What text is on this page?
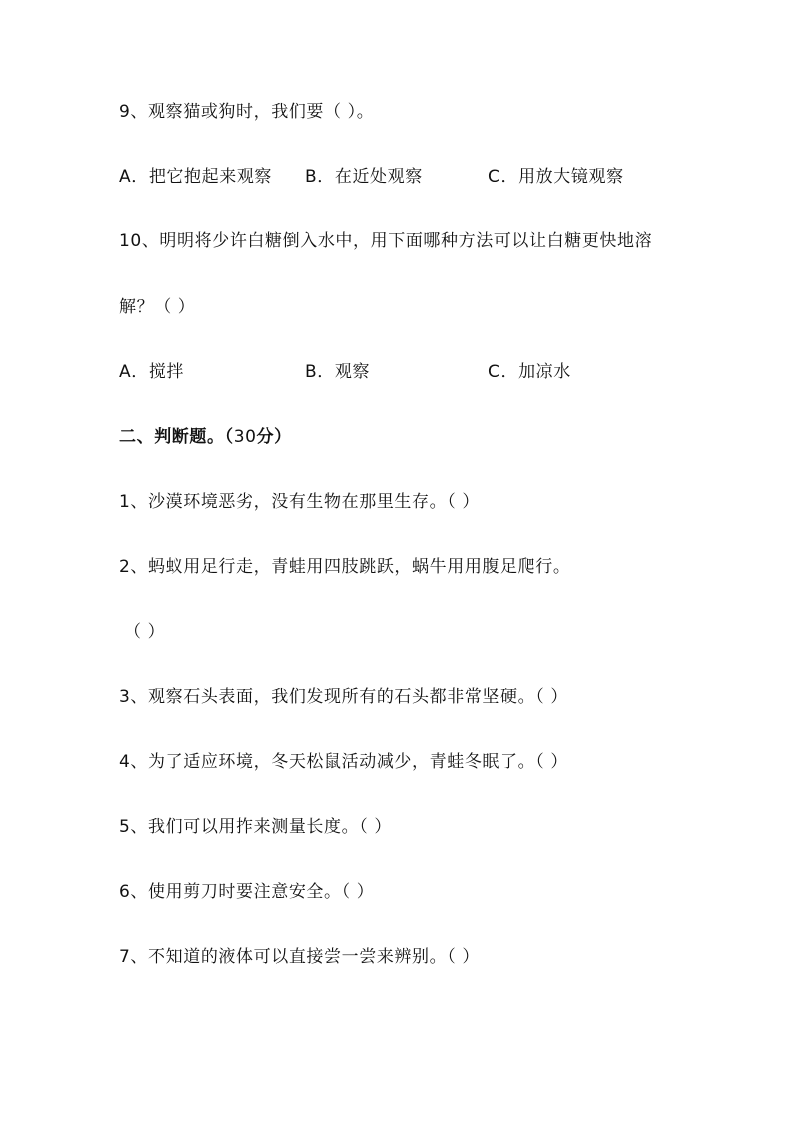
9、观察猫或狗时，我们要（ ）。
A．把它抱起来观察 B．在近处观察	C．用放大镜观察
10、明明将少许白糖倒入水中，用下面哪种方法可以让白糖更快地溶
解？（ ）
A．搅拌	B．观察	C．加凉水
二、判断题。（30分）
1、沙漠环境恶劣，没有生物在那里生存。（ ）
2、蚂蚁用足行走，青蛙用四肢跳跃，蜗牛用用腹足爬行。
（ ）
3、观察石头表面，我们发现所有的石头都非常坚硬。（ ）
4、为了适应环境，冬天松鼠活动减少，青蛙冬眠了。（ ）
5、我们可以用拃来测量长度。（ ）
6、使用剪刀时要注意安全。（ ）
7、不知道的液体可以直接尝一尝来辨别。（ ）
